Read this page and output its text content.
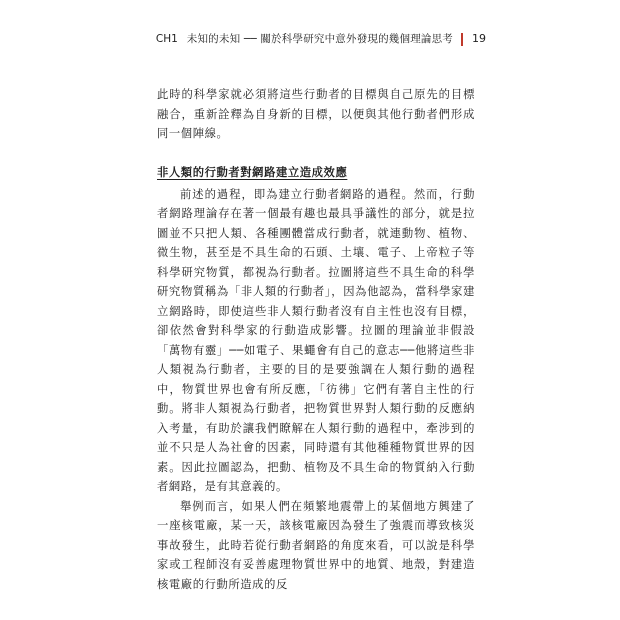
CH1 未知的未知 ── 關於科學研究中意外發現的幾個理論思考 19

此時的科學家就必須將這些行動者的目標與自己原先的目標融合，重新詮釋為自身新的目標，以便與其他行動者們形成同一個陣線。

非人類的行動者對網路建立造成效應

前述的過程，即為建立行動者網路的過程。然而，行動者網路理論存在著一個最有趣也最具爭議性的部分，就是拉圖並不只把人類、各種團體當成行動者，就連動物、植物、微生物，甚至是不具生命的石頭、土壤、電子、上帝粒子等科學研究物質，都視為行動者。拉圖將這些不具生命的科學研究物質稱為「非人類的行動者」，因為他認為，當科學家建立網路時，即使這些非人類行動者沒有自主性也沒有目標，卻依然會對科學家的行動造成影響。拉圖的理論並非假設「萬物有靈」──如電子、果蠅會有自己的意志──他將這些非人類視為行動者，主要的目的是要強調在人類行動的過程中，物質世界也會有所反應，「彷彿」它們有著自主性的行動。將非人類視為行動者，把物質世界對人類行動的反應納入考量，有助於讓我們瞭解在人類行動的過程中，牽涉到的並不只是人為社會的因素，同時還有其他種種物質世界的因素。因此拉圖認為，把動、植物及不具生命的物質納入行動者網路，是有其意義的。

舉例而言，如果人們在頻繁地震帶上的某個地方興建了一座核電廠，某一天，該核電廠因為發生了強震而導致核災事故發生，此時若從行動者網路的角度來看，可以說是科學家或工程師沒有妥善處理物質世界中的地質、地殼，對建造核電廠的行動所造成的反
